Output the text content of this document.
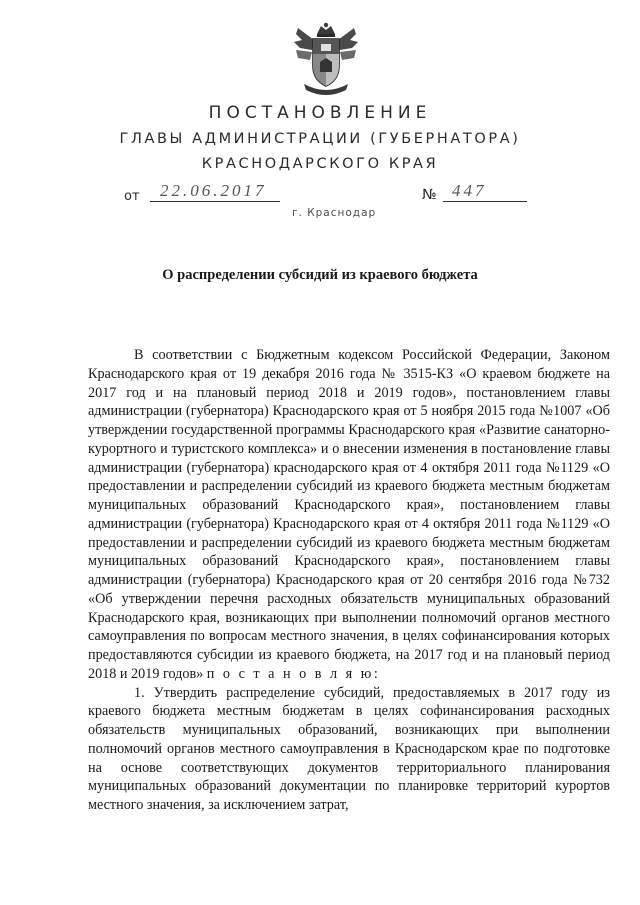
ПОСТАНОВЛЕНИЕ
ГЛАВЫ АДМИНИСТРАЦИИ (ГУБЕРНАТОРА)
КРАСНОДАРСКОГО КРАЯ
от 22.06.2017	№ 447
г. Краснодар
О распределении субсидий из краевого бюджета

В соответствии с Бюджетным кодексом Российской Федерации, Законом Краснодарского края от 19 декабря 2016 года № 3515-КЗ «О краевом бюджете на 2017 год и на плановый период 2018 и 2019 годов», постановлением главы администрации (губернатора) Краснодарского края от 5 ноября 2015 года №1007 «Об утверждении государственной программы Краснодарского края «Развитие санаторно-курортного и туристского комплекса» и о внесении изменения в постановление главы администрации (губернатора) краснодарского края от 4 октября 2011 года №1129 «О предоставлении и распределении субсидий из краевого бюджета местным бюджетам муниципальных образований Краснодарского края», постановлением главы администрации (губернатора) Краснодарского края от 4 октября 2011 года №1129 «О предоставлении и распределении субсидий из краевого бюджета местным бюджетам муниципальных образований Краснодарского края», постановлением главы администрации (губернатора) Краснодарского края от 20 сентября 2016 года №732 «Об утверждении перечня расходных обязательств муниципальных образований Краснодарского края, возникающих при выполнении полномочий органов местного самоуправления по вопросам местного значения, в целях софинансирования которых предоставляются субсидии из краевого бюджета, на 2017 год и на плановый период 2018 и 2019 годов» п о с т а н о в л я ю:

1. Утвердить распределение субсидий, предоставляемых в 2017 году из краевого бюджета местным бюджетам в целях софинансирования расходных обязательств муниципальных образований, возникающих при выполнении полномочий органов местного самоуправления в Краснодарском крае по подготовке на основе соответствующих документов территориального планирования муниципальных образований документации по планировке территорий курортов местного значения, за исключением затрат,
